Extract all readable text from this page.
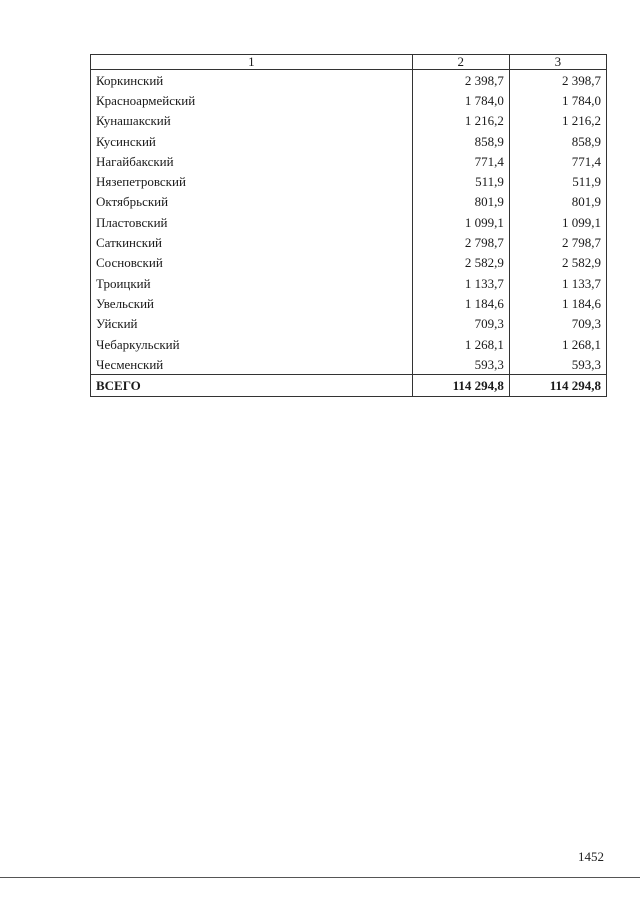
1	2	3
Коркинский	2 398,7	2 398,7
Красноармейский	1 784,0	1 784,0
Кунашакский	1 216,2	1 216,2
Кусинский	858,9	858,9
Нагайбакский	771,4	771,4
Нязепетровский	511,9	511,9
Октябрьский	801,9	801,9
Пластовский	1 099,1	1 099,1
Саткинский	2 798,7	2 798,7
Сосновский	2 582,9	2 582,9
Троицкий	1 133,7	1 133,7
Увельский	1 184,6	1 184,6
Уйский	709,3	709,3
Чебаркульский	1 268,1	1 268,1
Чесменский	593,3	593,3
ВСЕГО	114 294,8	114 294,8
1452
